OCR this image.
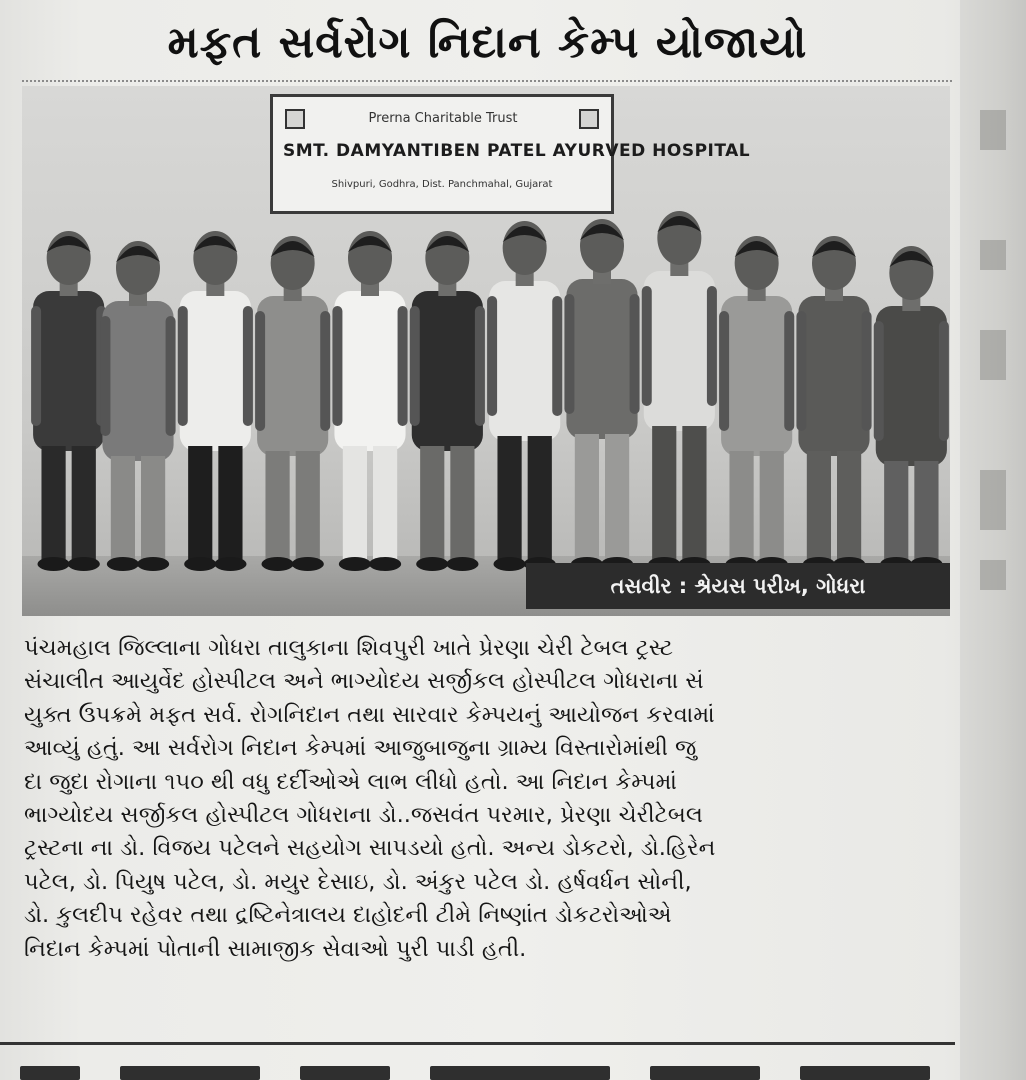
મફત સર્વરોગ નિદાન કેમ્પ યોજાયો
Prerna Charitable Trust
SMT. DAMYANTIBEN PATEL AYURVED HOSPITAL
Shivpuri, Godhra, Dist. Panchmahal, Gujarat
તસવીર : શ્રેયસ પરીખ, ગોધરા
પંચમહાલ જિલ્લાના ગોધરા તાલુકાના શિવપુરી ખાતે પ્રેરણા ચેરી ટેબલ ટ્રસ્ટ
સંચાલીત આયુર્વેદ હોસ્પીટલ અને ભાગ્યોદય સર્જીકલ હોસ્પીટલ ગોધરાના સં
યુક્ત ઉપક્રમે મફત સર્વ. રોગનિદાન તથા સારવાર કેમ્પયનું આયોજન કરવામાં
આવ્યું હતું. આ સર્વરોગ નિદાન કેમ્પમાં આજુબાજુના ગ્રામ્ય વિસ્તારોમાંથી જુ
દા જુદા રોગાના ૧૫૦ થી વધુ દર્દીઓએ લાભ લીધો હતો. આ નિદાન કેમ્પમાં
ભાગ્યોદય સર્જીકલ હોસ્પીટલ ગોધરાના ડો..જસવંત પરમાર, પ્રેરણા ચેરીટેબલ
ટ્રસ્ટના ના ડો. વિજય પટેલને સહયોગ સાપડયો હતો. અન્ય ડોકટરો, ડો.હિરેન
પટેલ, ડો. પિયુષ પટેલ, ડો. મયુર દેસાઇ, ડો. અંકુર પટેલ ડો. હર્ષવર્ધન સોની,
ડો. કુલદીપ રહેવર તથા દ્રષ્ટિનેત્રાલય દાહોદની ટીમે નિષ્ણાંત ડોકટરોઓએ
નિદાન કેમ્પમાં પોતાની સામાજીક સેવાઓ પુરી પાડી હતી.
